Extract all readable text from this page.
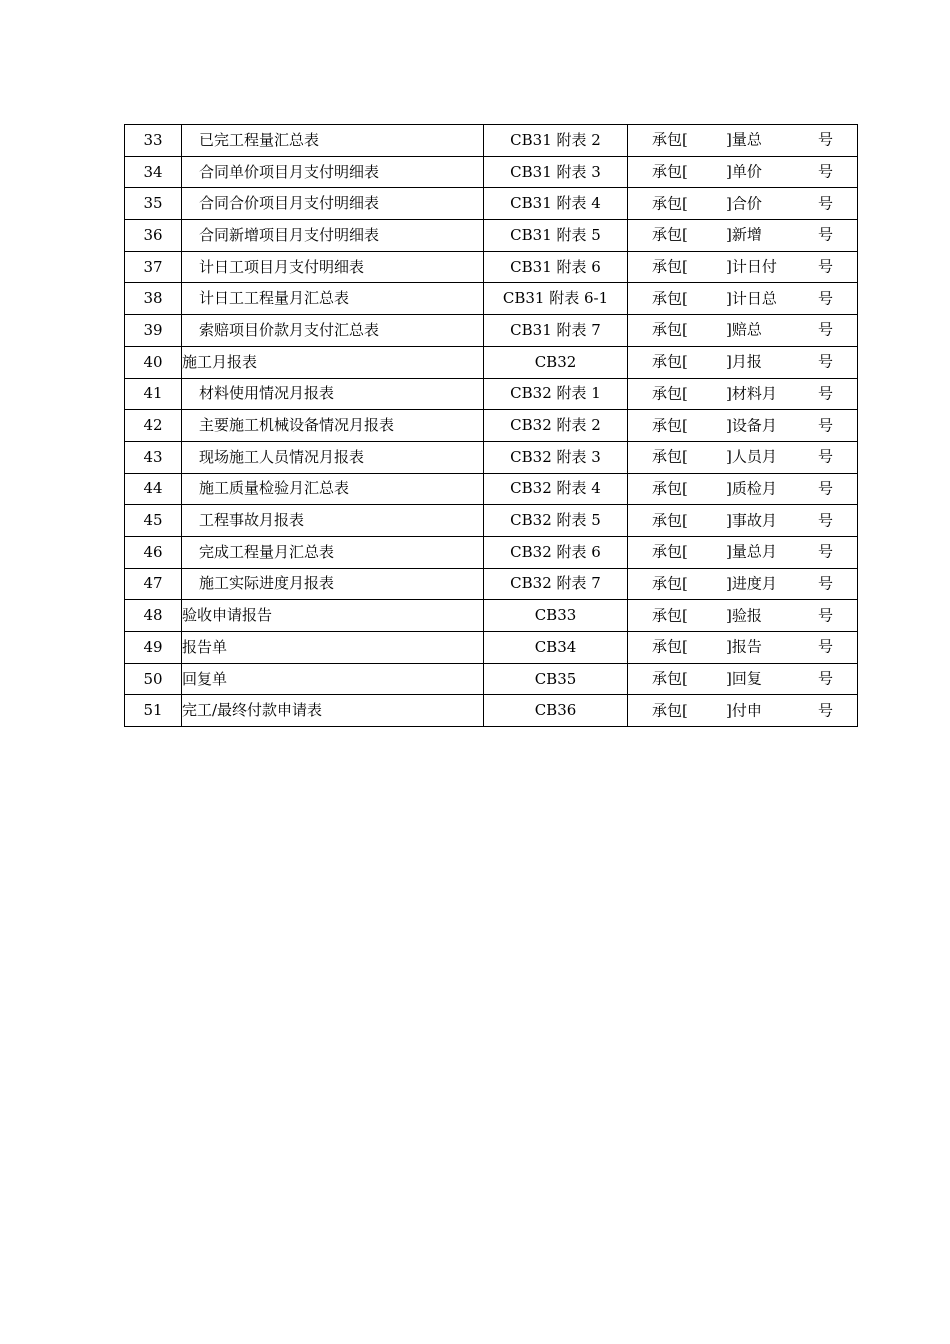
33	已完工程量汇总表	CB31 附表 2	承包[ ]量总 号

34	合同单价项目月支付明细表	CB31 附表 3	承包[ ]单价 号

35	合同合价项目月支付明细表	CB31 附表 4	承包[ ]合价 号

36	合同新增项目月支付明细表	CB31 附表 5	承包[ ]新增 号

37	计日工项目月支付明细表	CB31 附表 6	承包[ ]计日付 号

38	计日工工程量月汇总表	CB31 附表 6-1	承包[ ]计日总 号

39	索赔项目价款月支付汇总表	CB31 附表 7	承包[ ]赔总 号

40	施工月报表	CB32	承包[ ]月报 号

41	材料使用情况月报表	CB32 附表 1	承包[ ]材料月 号

42	主要施工机械设备情况月报表	CB32 附表 2	承包[ ]设备月 号

43	现场施工人员情况月报表	CB32 附表 3	承包[ ]人员月 号

44	施工质量检验月汇总表	CB32 附表 4	承包[ ]质检月 号

45	工程事故月报表	CB32 附表 5	承包[ ]事故月 号

46	完成工程量月汇总表	CB32 附表 6	承包[ ]量总月 号

47	施工实际进度月报表	CB32 附表 7	承包[ ]进度月 号

48	验收申请报告	CB33	承包[ ]验报 号

49	报告单	CB34	承包[ ]报告 号

50	回复单	CB35	承包[ ]回复 号

51	完工/最终付款申请表	CB36	承包[ ]付申 号
